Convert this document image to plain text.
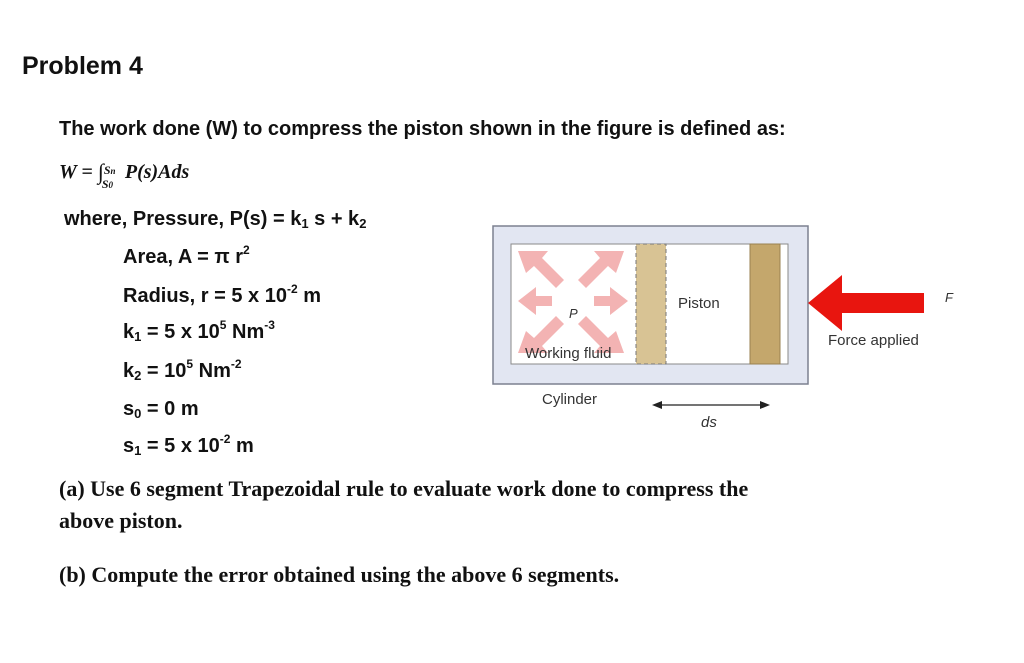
Problem 4
The work done (W) to compress the piston shown in the figure is defined as:
W = ∫ Sn
S0
P(s)Ads
where, Pressure, $P(s) = k_1$ $s + k_2$
Area, A = π $r^2$
Radius, r = 5 x $10^{-2}$ m
$k_1 = 5$ x $10^5$ $Nm^{-3}$
$k_2 = 10^5$ $Nm^{-2}$
$s_0 = 0$ m
$s_1 = 5$ x $10^{-2}$ m
P
Working fluid
Piston
Force applied
F
Cylinder
ds
(a) Use 6 segment Trapezoidal rule to evaluate work done to compress the
above piston.
(b) Compute the error obtained using the above 6 segments.
